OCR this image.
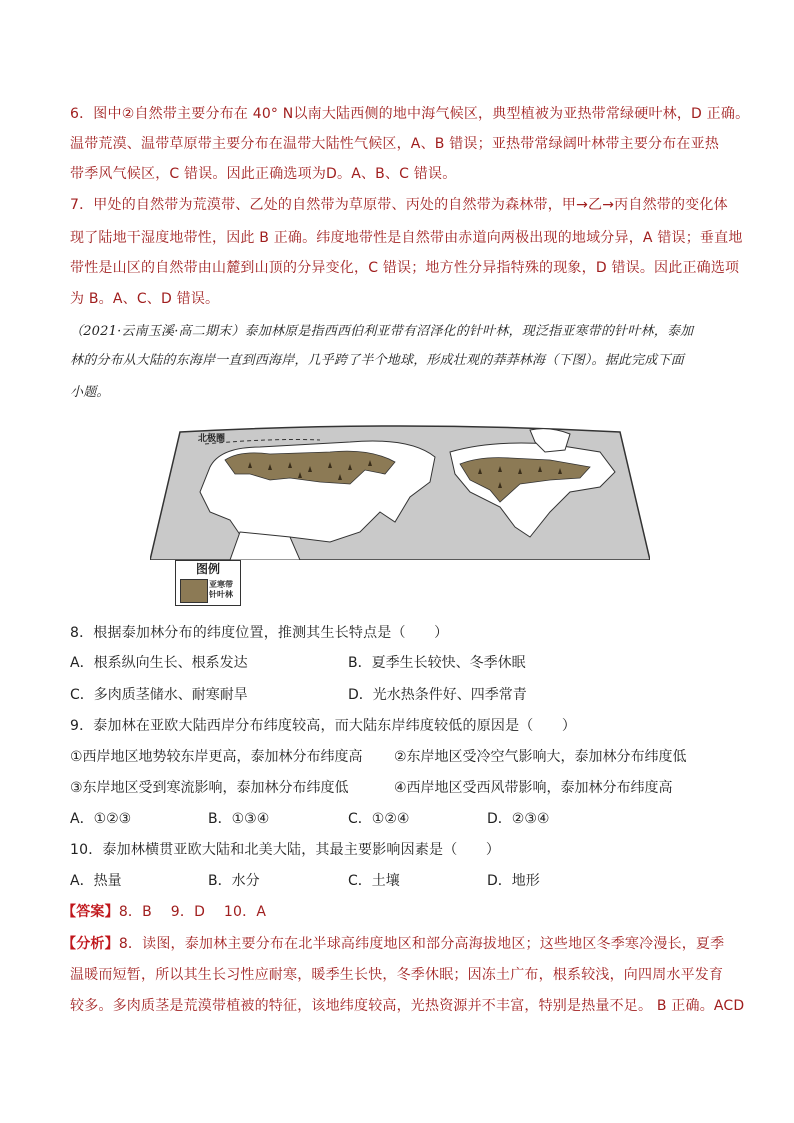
6．图中②自然带主要分布在 40° N以南大陆西侧的地中海气候区，典型植被为亚热带常绿硬叶林，D 正确。
温带荒漠、温带草原带主要分布在温带大陆性气候区，A、B 错误；亚热带常绿阔叶林带主要分布在亚热
带季风气候区，C 错误。因此正确选项为D。A、B、C 错误。
7．甲处的自然带为荒漠带、乙处的自然带为草原带、丙处的自然带为森林带，甲→乙→丙自然带的变化体
现了陆地干湿度地带性，因此 B 正确。纬度地带性是自然带由赤道向两极出现的地域分异，A 错误；垂直地
带性是山区的自然带由山麓到山顶的分异变化，C 错误；地方性分异指特殊的现象，D 错误。因此正确选项
为 B。A、C、D 错误。
（2021·云南玉溪·高二期末）泰加林原是指西西伯利亚带有沼泽化的针叶林，现泛指亚寒带的针叶林，泰加
林的分布从大陆的东海岸一直到西海岸，几乎跨了半个地球，形成壮观的莽莽林海（下图）。据此完成下面
小题。
北极圈
图例
亚寒带针叶林
8．根据泰加林分布的纬度位置，推测其生长特点是（　　）
A．根系纵向生长、根系发达	B．夏季生长较快、冬季休眠
C．多肉质茎储水、耐寒耐旱	D．光水热条件好、四季常青
9．泰加林在亚欧大陆西岸分布纬度较高，而大陆东岸纬度较低的原因是（　　）
①西岸地区地势较东岸更高，泰加林分布纬度高 ②东岸地区受冷空气影响大，泰加林分布纬度低
③东岸地区受到寒流影响，泰加林分布纬度低	④西岸地区受西风带影响，泰加林分布纬度高
A．①②③	B．①③④	C．①②④	D．②③④
10．泰加林横贯亚欧大陆和北美大陆，其最主要影响因素是（　　）
A．热量	B．水分	C．土壤	D．地形
【答案】8．B　 9．D　 10．A
【分析】8．读图，泰加林主要分布在北半球高纬度地区和部分高海拔地区；这些地区冬季寒冷漫长，夏季
温暖而短暂，所以其生长习性应耐寒，暖季生长快，冬季休眠；因冻土广布，根系较浅，向四周水平发育
较多。多肉质茎是荒漠带植被的特征，该地纬度较高，光热资源并不丰富，特别是热量不足。 B 正确。ACD
